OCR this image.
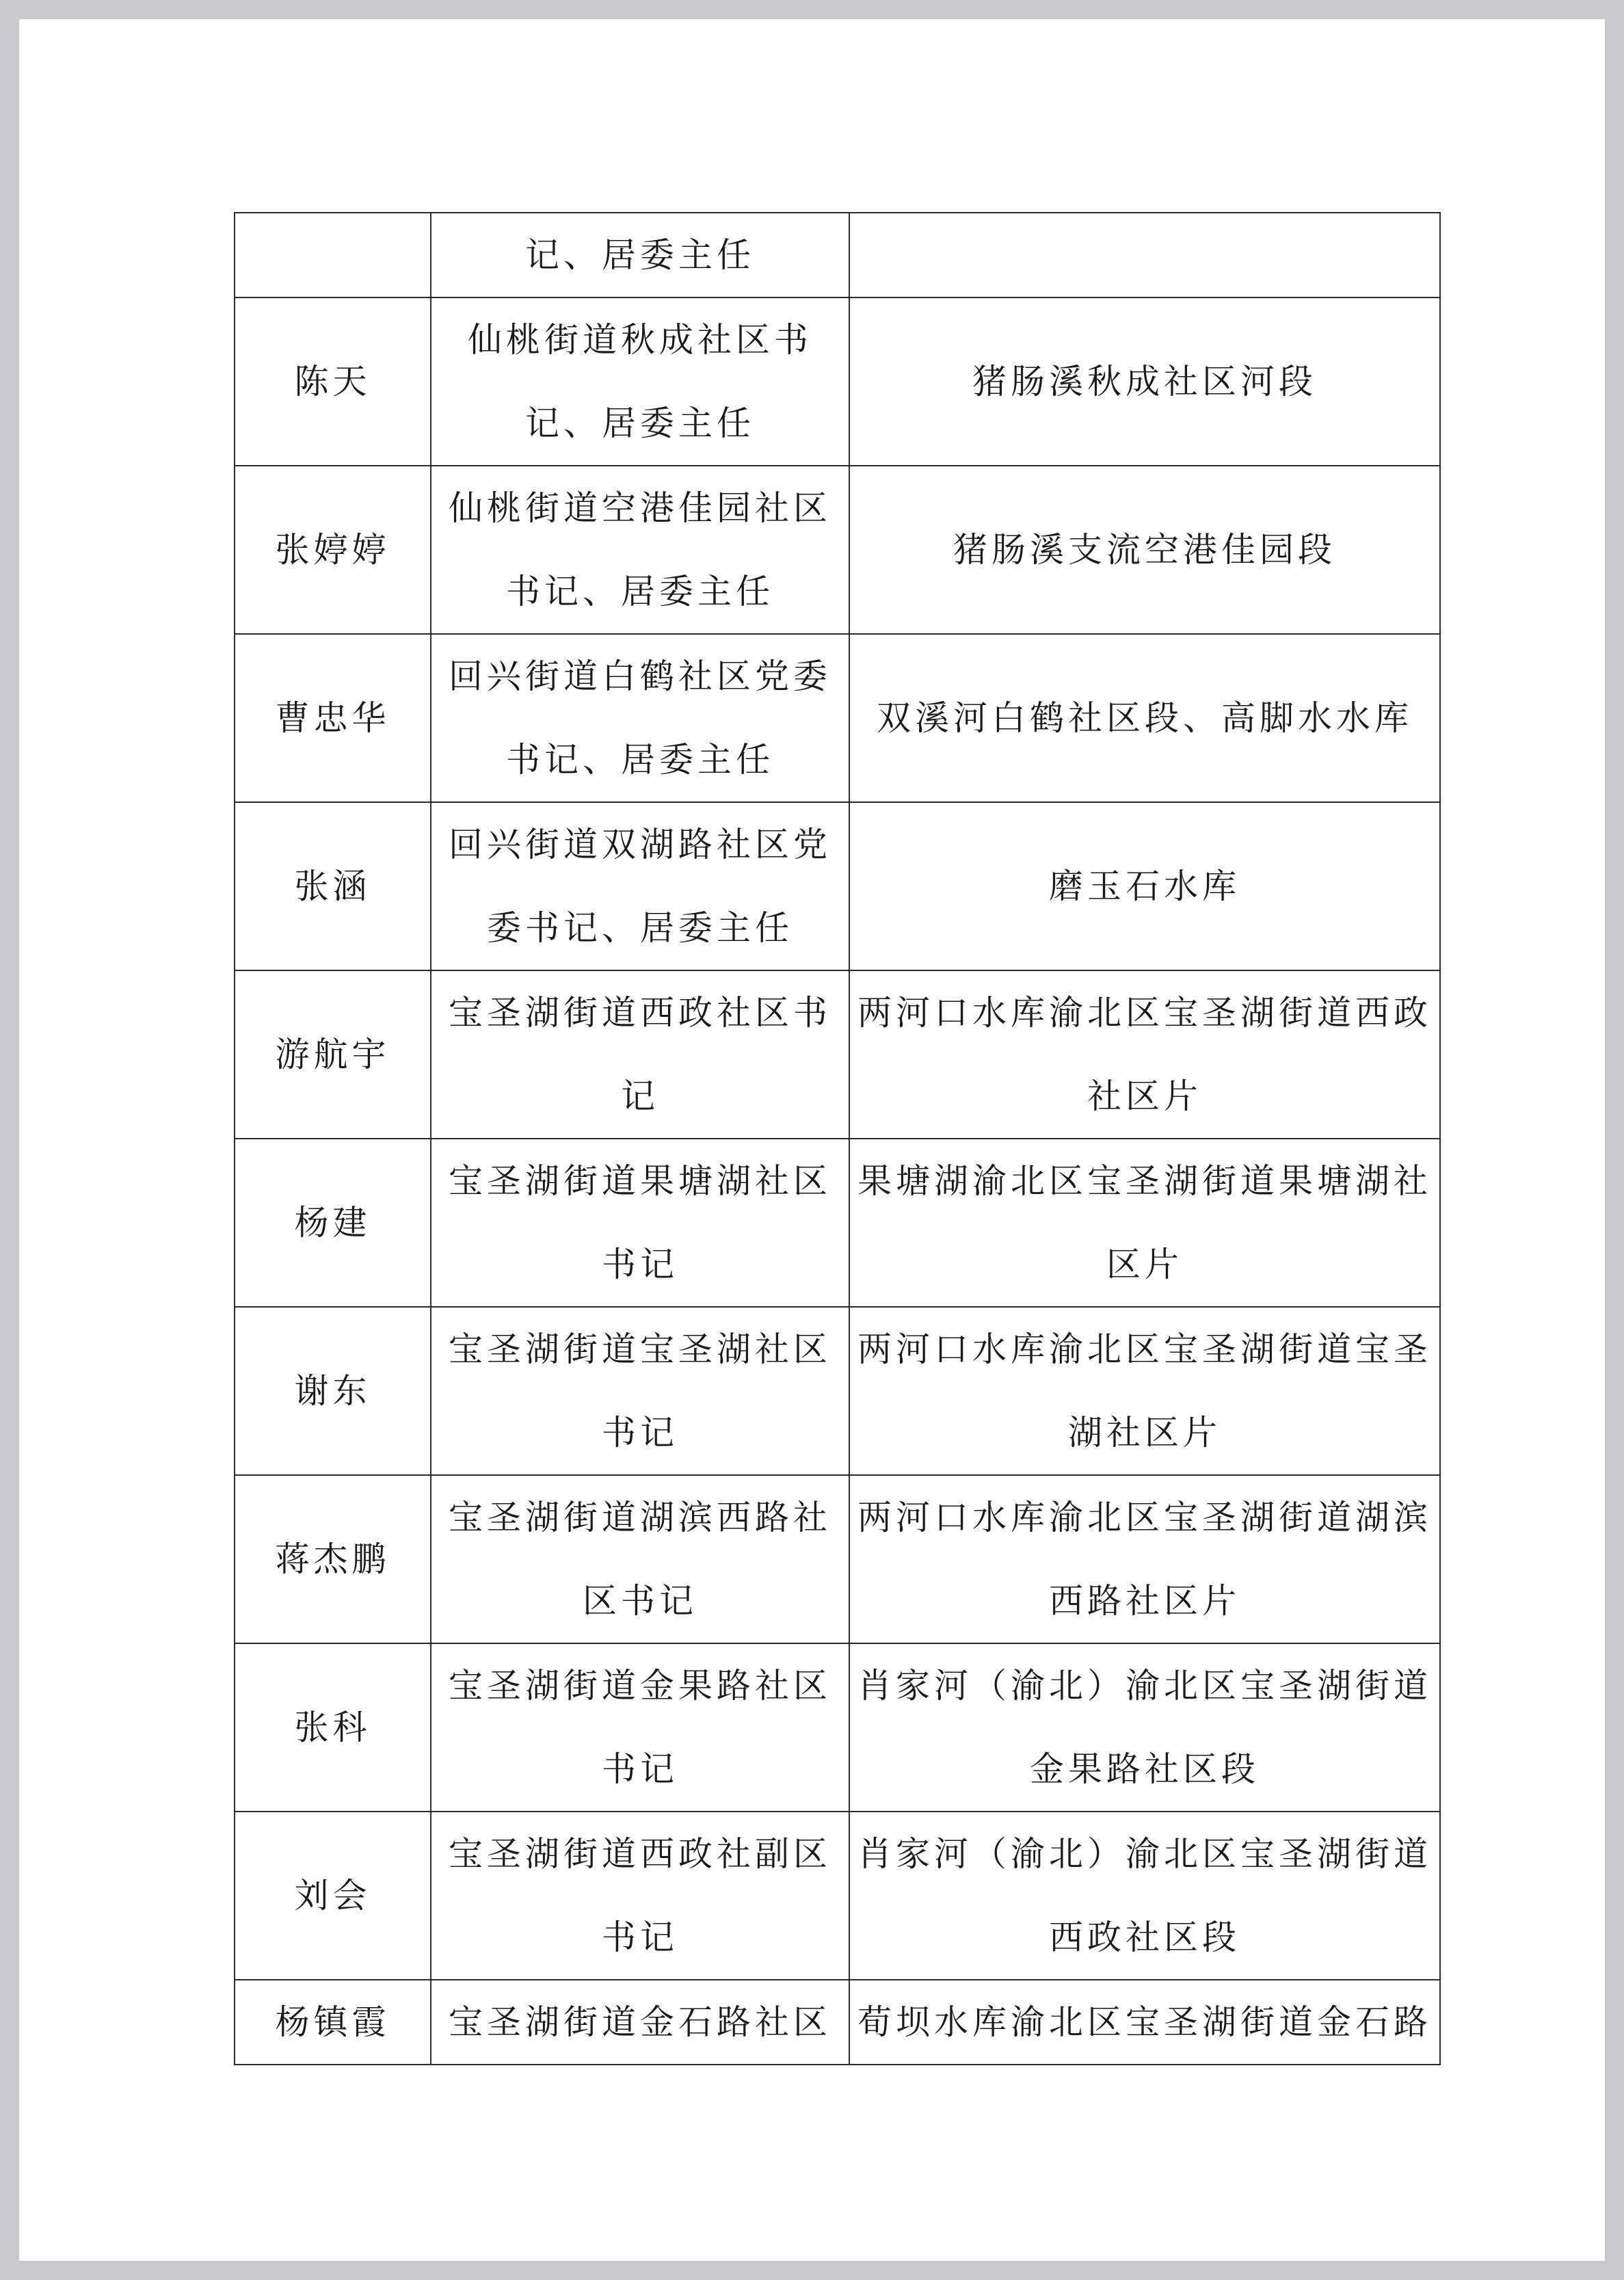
	记、居委主任	
陈天	仙桃街道秋成社区书记、居委主任	猪肠溪秋成社区河段
张婷婷	仙桃街道空港佳园社区书记、居委主任	猪肠溪支流空港佳园段
曹忠华	回兴街道白鹤社区党委书记、居委主任	双溪河白鹤社区段、高脚水水库
张涵	回兴街道双湖路社区党委书记、居委主任	磨玉石水库
游航宇	宝圣湖街道西政社区书记	两河口水库渝北区宝圣湖街道西政社区片
杨建	宝圣湖街道果塘湖社区书记	果塘湖渝北区宝圣湖街道果塘湖社区片
谢东	宝圣湖街道宝圣湖社区书记	两河口水库渝北区宝圣湖街道宝圣湖社区片
蒋杰鹏	宝圣湖街道湖滨西路社区书记	两河口水库渝北区宝圣湖街道湖滨西路社区片
张科	宝圣湖街道金果路社区书记	肖家河（渝北）渝北区宝圣湖街道金果路社区段
刘会	宝圣湖街道西政社副区书记	肖家河（渝北）渝北区宝圣湖街道西政社区段
杨镇霞	宝圣湖街道金石路社区	荀坝水库渝北区宝圣湖街道金石路
